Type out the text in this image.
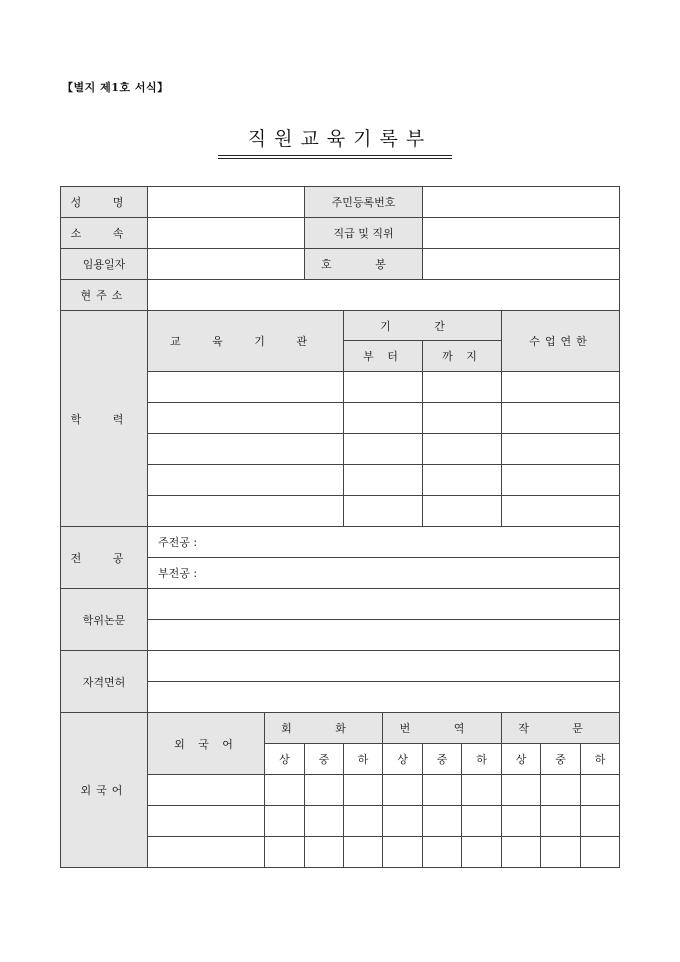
【별지 제1호 서식】
직원교육기록부
성 명			주민등록번호							
소 속			직급 및 직위							
임용일자			호 봉							
현주소										
학 력	교 육 기 관			기 간				수업연한		
				부 터		까 지				

전 공	주전공 :									
	부전공 :									
학위논문										

자격면허										

외국어	외 국 어	회 화			번 역			작 문		
		상	중	하	상	중	하	상	중	하
